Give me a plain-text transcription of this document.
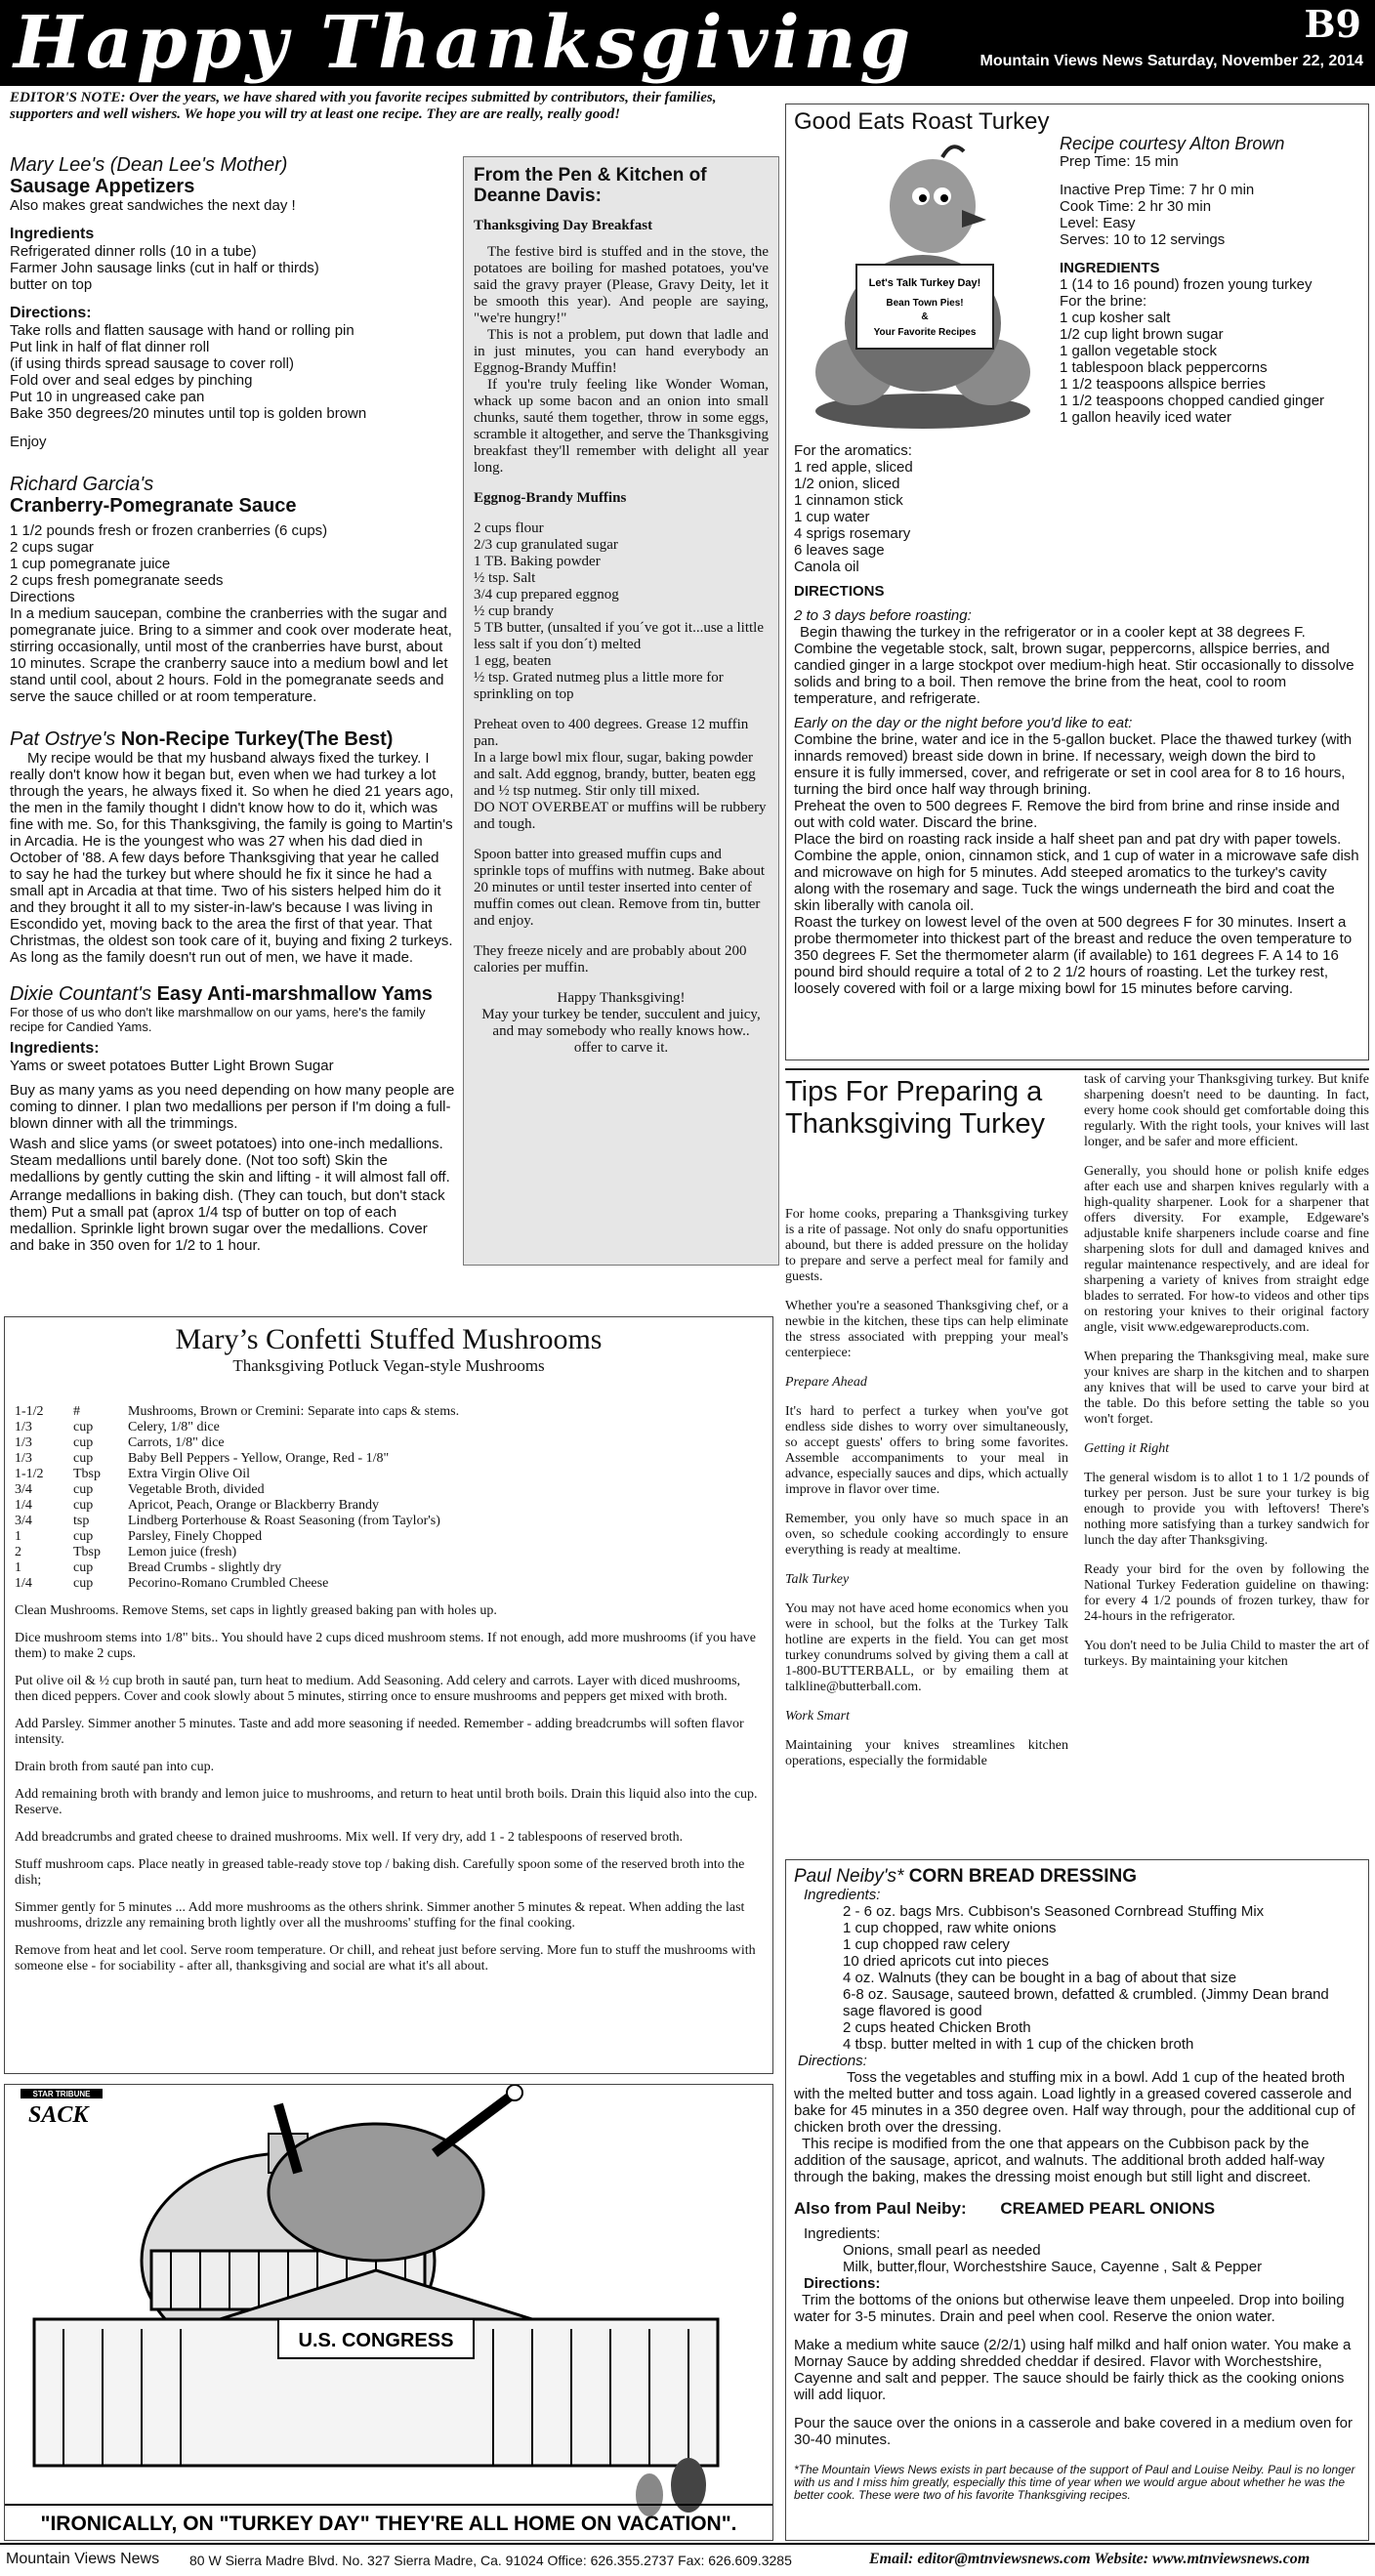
Happy Thanksgiving	B9
Mountain Views News Saturday, November 22, 2014
EDITOR'S NOTE: Over the years, we have shared with you favorite recipes submitted by contributors, their families, supporters and well wishers. We hope you will try at least one recipe. They are are really, really good!
Mary Lee's (Dean Lee's Mother)
Sausage Appetizers
Also makes great sandwiches the next day !
Ingredients

Refrigerated dinner rolls (10 in a tube)

Farmer John sausage links (cut in half or thirds)

butter on top

Directions:

Take rolls and flatten sausage with hand or rolling pin

Put link in half of flat dinner roll

(if using thirds spread sausage to cover roll)

Fold over and seal edges by pinching

Put 10 in ungreased cake pan

Bake 350 degrees/20 minutes until top is golden brown

Enjoy
Richard Garcia's
Cranberry-Pomegranate Sauce

1 1/2 pounds fresh or frozen cranberries (6 cups)

2 cups sugar

1 cup pomegranate juice

2 cups fresh pomegranate seeds

Directions

In a medium saucepan, combine the cranberries with the sugar and pomegranate juice. Bring to a simmer and cook over moderate heat, stirring occasionally, until most of the cranberries have burst, about 10 minutes. Scrape the cranberry sauce into a medium bowl and let stand until cool, about 2 hours. Fold in the pomegranate seeds and serve the sauce chilled or at room temperature.
Pat Ostrye's Non-Recipe Turkey(The Best)
My recipe would be that my husband always fixed the turkey. I really don't know how it began but, even when we had turkey a lot through the years, he always fixed it. So when he died 21 years ago, the men in the family thought I didn't know how to do it, which was fine with me. So, for this Thanksgiving, the family is going to Martin's in Arcadia. He is the youngest who was 27 when his dad died in October of '88. A few days before Thanksgiving that year he called to say he had the turkey but where should he fix it since he had a small apt in Arcadia at that time. Two of his sisters helped him do it and they brought it all to my sister-in-law's because I was living in Escondido yet, moving back to the area the first of that year. That Christmas, the oldest son took care of it, buying and fixing 2 turkeys. As long as the family doesn't run out of men, we have it made.
Dixie Countant's Easy Anti-marshmallow Yams
For those of us who don't like marshmallow on our yams, here's the family recipe for Candied Yams.
Ingredients:
Yams or sweet potatoes Butter Light Brown Sugar
Buy as many yams as you need depending on how many people are coming to dinner. I plan two medallions per person if I'm doing a full-blown dinner with all the trimmings.
Wash and slice yams (or sweet potatoes) into one-inch medallions. Steam medallions until barely done. (Not too soft) Skin the medallions by gently cutting the skin and lifting - it will almost fall off.
Arrange medallions in baking dish. (They can touch, but don't stack them) Put a small pat (aprox 1/4 tsp of butter on top of each medallion. Sprinkle light brown sugar over the medallions. Cover and bake in 350 oven for 1/2 to 1 hour.
From the Pen & Kitchen of Deanne Davis:
Thanksgiving Day Breakfast
The festive bird is stuffed and in the stove, the potatoes are boiling for mashed potatoes, you've said the gravy prayer (Please, Gravy Deity, let it be smooth this year). And people are saying, "we're hungry!"
This is not a problem, put down that ladle and in just minutes, you can hand everybody an Eggnog-Brandy Muffin!
If you're truly feeling like Wonder Woman, whack up some bacon and an onion into small chunks, sauté them together, throw in some eggs, scramble it altogether, and serve the Thanksgiving breakfast they'll remember with delight all year long.
Eggnog-Brandy Muffins

2 cups flour

2/3 cup granulated sugar

1 TB. Baking powder

½ tsp. Salt

3/4 cup prepared eggnog

½ cup brandy

5 TB butter, (unsalted if you´ve got it...use a little less salt if you don´t) melted

1 egg, beaten

½ tsp. Grated nutmeg plus a little more for sprinkling on top

Preheat oven to 400 degrees. Grease 12 muffin pan.
In a large bowl mix flour, sugar, baking powder and salt. Add eggnog, brandy, butter, beaten egg and ½ tsp nutmeg. Stir only till mixed.
DO NOT OVERBEAT or muffins will be rubbery and tough.
Spoon batter into greased muffin cups and sprinkle tops of muffins with nutmeg. Bake about 20 minutes or until tester inserted into center of muffin comes out clean. Remove from tin, butter and enjoy.
They freeze nicely and are probably about 200 calories per muffin.

Happy Thanksgiving!

May your turkey be tender, succulent and juicy, and may somebody who really knows how..

offer to carve it.

Good Eats Roast Turkey
Let's Talk Turkey Day!
Bean Town Pies!
&
Your Favorite Recipes
Recipe courtesy Alton Brown
Prep Time: 15 min

Inactive Prep Time: 7 hr 0 min

Cook Time: 2 hr 30 min

Level: Easy

Serves: 10 to 12 servings

INGREDIENTS

1 (14 to 16 pound) frozen young turkey

For the brine:

1 cup kosher salt

1/2 cup light brown sugar

1 gallon vegetable stock

1 tablespoon black peppercorns

1 1/2 teaspoons allspice berries

1 1/2 teaspoons chopped candied ginger

1 gallon heavily iced water

For the aromatics:

1 red apple, sliced

1/2 onion, sliced

1 cinnamon stick

1 cup water

4 sprigs rosemary

6 leaves sage

Canola oil

DIRECTIONS
2 to 3 days before roasting:
Begin thawing the turkey in the refrigerator or in a cooler kept at 38 degrees F.
Combine the vegetable stock, salt, brown sugar, peppercorns, allspice berries, and candied ginger in a large stockpot over medium-high heat. Stir occasionally to dissolve solids and bring to a boil. Then remove the brine from the heat, cool to room temperature, and refrigerate.
Early on the day or the night before you'd like to eat:
Combine the brine, water and ice in the 5-gallon bucket. Place the thawed turkey (with innards removed) breast side down in brine. If necessary, weigh down the bird to ensure it is fully immersed, cover, and refrigerate or set in cool area for 8 to 16 hours, turning the bird once half way through brining.
Preheat the oven to 500 degrees F. Remove the bird from brine and rinse inside and out with cold water. Discard the brine.
Place the bird on roasting rack inside a half sheet pan and pat dry with paper towels.
Combine the apple, onion, cinnamon stick, and 1 cup of water in a microwave safe dish and microwave on high for 5 minutes. Add steeped aromatics to the turkey's cavity along with the rosemary and sage. Tuck the wings underneath the bird and coat the skin liberally with canola oil.
Roast the turkey on lowest level of the oven at 500 degrees F for 30 minutes. Insert a probe thermometer into thickest part of the breast and reduce the oven temperature to 350 degrees F. Set the thermometer alarm (if available) to 161 degrees F. A 14 to 16 pound bird should require a total of 2 to 2 1/2 hours of roasting. Let the turkey rest, loosely covered with foil or a large mixing bowl for 15 minutes before carving.
Tips For Preparing a Thanksgiving Turkey

For home cooks, preparing a Thanksgiving turkey is a rite of passage. Not only do snafu opportunities abound, but there is added pressure on the holiday to prepare and serve a perfect meal for family and guests.

Whether you're a seasoned Thanksgiving chef, or a newbie in the kitchen, these tips can help eliminate the stress associated with prepping your meal's centerpiece:

Prepare Ahead

It's hard to perfect a turkey when you've got endless side dishes to worry over simultaneously, so accept guests' offers to bring some favorites. Assemble accompaniments to your meal in advance, especially sauces and dips, which actually improve in flavor over time.

Remember, you only have so much space in an oven, so schedule cooking accordingly to ensure everything is ready at mealtime.

Talk Turkey

You may not have aced home economics when you were in school, but the folks at the Turkey Talk hotline are experts in the field. You can get most turkey conundrums solved by giving them a call at 1-800-BUTTERBALL, or by emailing them at talkline@butterball.com.

Work Smart

Maintaining your knives streamlines kitchen operations, especially the formidable

task of carving your Thanksgiving turkey. But knife sharpening doesn't need to be daunting. In fact, every home cook should get comfortable doing this regularly. With the right tools, your knives will last longer, and be safer and more efficient.

Generally, you should hone or polish knife edges after each use and sharpen knives regularly with a high-quality sharpener. Look for a sharpener that offers diversity. For example, Edgeware's adjustable knife sharpeners include coarse and fine sharpening slots for dull and damaged knives and regular maintenance respectively, and are ideal for sharpening a variety of knives from straight edge blades to serrated. For how-to videos and other tips on restoring your knives to their original factory angle, visit www.edgewareproducts.com.

When preparing the Thanksgiving meal, make sure your knives are sharp in the kitchen and to sharpen any knives that will be used to carve your bird at the table. Do this before setting the table so you won't forget.

Getting it Right

The general wisdom is to allot 1 to 1 1/2 pounds of turkey per person. Just be sure your turkey is big enough to provide you with leftovers! There's nothing more satisfying than a turkey sandwich for lunch the day after Thanksgiving.

Ready your bird for the oven by following the National Turkey Federation guideline on thawing: for every 4 1/2 pounds of frozen turkey, thaw for 24-hours in the refrigerator.

You don't need to be Julia Child to master the art of turkeys. By maintaining your kitchen

Mary’s Confetti Stuffed Mushrooms
Thanksgiving Potluck Vegan-style Mushrooms
1-1/2	#	Mushrooms, Brown or Cremini: Separate into caps & stems.
1/3	cup	Celery, 1/8" dice
1/3	cup	Carrots, 1/8" dice
1/3	cup	Baby Bell Peppers - Yellow, Orange, Red - 1/8"
1-1/2	Tbsp	Extra Virgin Olive Oil
3/4	cup	Vegetable Broth, divided
1/4	cup	Apricot, Peach, Orange or Blackberry Brandy
3/4	tsp	Lindberg Porterhouse & Roast Seasoning (from Taylor's)
1	cup	Parsley, Finely Chopped
2	Tbsp	Lemon juice (fresh)
1	cup	Bread Crumbs - slightly dry
1/4	cup	Pecorino-Romano Crumbled Cheese

Clean Mushrooms. Remove Stems, set caps in lightly greased baking pan with holes up.

Dice mushroom stems into 1/8" bits.. You should have 2 cups diced mushroom stems. If not enough, add more mushrooms (if you have them) to make 2 cups.

Put olive oil & ½ cup broth in sauté pan, turn heat to medium. Add Seasoning. Add celery and carrots. Layer with diced mushrooms, then diced peppers. Cover and cook slowly about 5 minutes, stirring once to ensure mushrooms and peppers get mixed with broth.

Add Parsley. Simmer another 5 minutes. Taste and add more seasoning if needed. Remember - adding breadcrumbs will soften flavor intensity.

Drain broth from sauté pan into cup.

Add remaining broth with brandy and lemon juice to mushrooms, and return to heat until broth boils. Drain this liquid also into the cup. Reserve.

Add breadcrumbs and grated cheese to drained mushrooms. Mix well. If very dry, add 1 - 2 tablespoons of reserved broth.

Stuff mushroom caps. Place neatly in greased table-ready stove top / baking dish. Carefully spoon some of the reserved broth into the dish;

Simmer gently for 5 minutes ... Add more mushrooms as the others shrink. Simmer another 5 minutes & repeat. When adding the last mushrooms, drizzle any remaining broth lightly over all the mushrooms' stuffing for the final cooking.

Remove from heat and let cool. Serve room temperature. Or chill, and reheat just before serving. More fun to stuff the mushrooms with someone else - for sociability - after all, thanksgiving and social are what it's all about.

STAR TRIBUNE
SACK
U.S. CONGRESS
"IRONICALLY, ON "TURKEY DAY" THEY'RE ALL HOME ON VACATION".
Paul Neiby's* CORN BREAD DRESSING
Ingredients:

2 - 6 oz. bags Mrs. Cubbison's Seasoned Cornbread Stuffing Mix

1 cup chopped, raw white onions

1 cup chopped raw celery

10 dried apricots cut into pieces

4 oz. Walnuts (they can be bought in a bag of about that size

6-8 oz. Sausage, sauteed brown, defatted & crumbled. (Jimmy Dean brand sage flavored is good

2 cups heated Chicken Broth

4 tbsp. butter melted in with 1 cup of the chicken broth

Directions:
Toss the vegetables and stuffing mix in a bowl. Add 1 cup of the heated broth with the melted butter and toss again. Load lightly in a greased covered casserole and bake for 45 minutes in a 350 degree oven. Half way through, pour the additional cup of chicken broth over the dressing.
This recipe is modified from the one that appears on the Cubbison pack by the addition of the sausage, apricot, and walnuts. The additional broth added half-way through the baking, makes the dressing moist enough but still light and discreet.
Also from Paul Neiby: CREAMED PEARL ONIONS
Ingredients:

Onions, small pearl as needed

Milk, butter,flour, Worchestshire Sauce, Cayenne , Salt & Pepper

Directions:
Trim the bottoms of the onions but otherwise leave them unpeeled. Drop into boiling water for 3-5 minutes. Drain and peel when cool. Reserve the onion water.
Make a medium white sauce (2/2/1) using half milkd and half onion water. You make a Mornay Sauce by adding shredded cheddar if desired. Flavor with Worchestshire, Cayenne and salt and pepper. The sauce should be fairly thick as the cooking onions will add liquor.
Pour the sauce over the onions in a casserole and bake covered in a medium oven for 30-40 minutes.
*The Mountain Views News exists in part because of the support of Paul and Louise Neiby. Paul is no longer with us and I miss him greatly, especially this time of year when we would argue about whether he was the better cook. These were two of his favorite Thanksgiving recipes.
Mountain Views News 80 W Sierra Madre Blvd. No. 327 Sierra Madre, Ca. 91024 Office: 626.355.2737 Fax: 626.609.3285	Email: editor@mtnviewsnews.com Website: www.mtnviewsnews.com
